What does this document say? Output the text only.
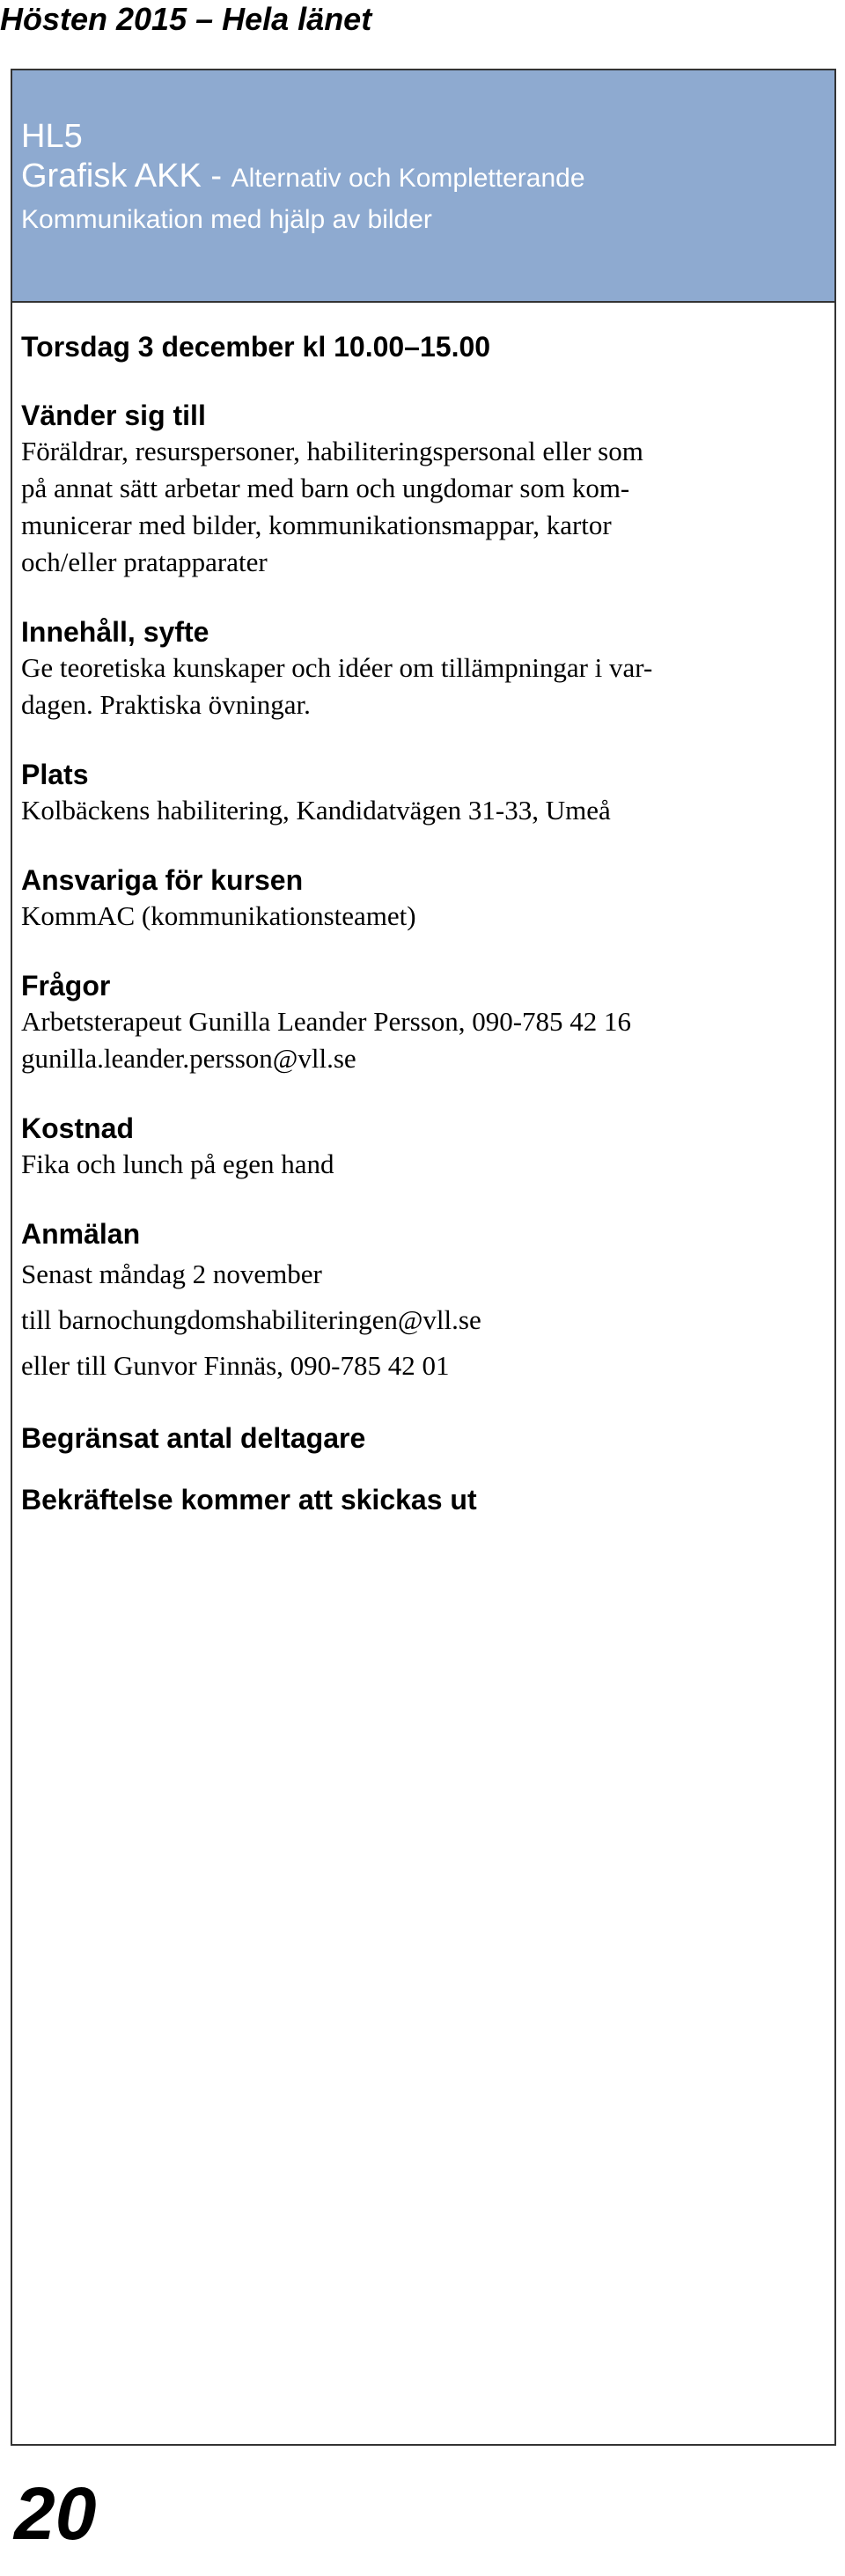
Hösten 2015 – Hela länet
HL5
Grafisk AKK - Alternativ och Kompletterande
Kommunikation med hjälp av bilder
Torsdag 3 december kl 10.00–15.00
Vänder sig till
Föräldrar, resurspersoner, habiliteringspersonal eller som
på annat sätt arbetar med barn och ungdomar som kom-
municerar med bilder, kommunikationsmappar, kartor
och/eller pratapparater
Innehåll, syfte
Ge teoretiska kunskaper och idéer om tillämpningar i var-
dagen. Praktiska övningar.
Plats
Kolbäckens habilitering, Kandidatvägen 31-33, Umeå
Ansvariga för kursen
KommAC (kommunikationsteamet)
Frågor
Arbetsterapeut Gunilla Leander Persson, 090-785 42 16
gunilla.leander.persson@vll.se
Kostnad
Fika och lunch på egen hand
Anmälan
Senast måndag 2 november
till barnochungdomshabiliteringen@vll.se
eller till Gunvor Finnäs, 090-785 42 01
Begränsat antal deltagare
Bekräftelse kommer att skickas ut
20
